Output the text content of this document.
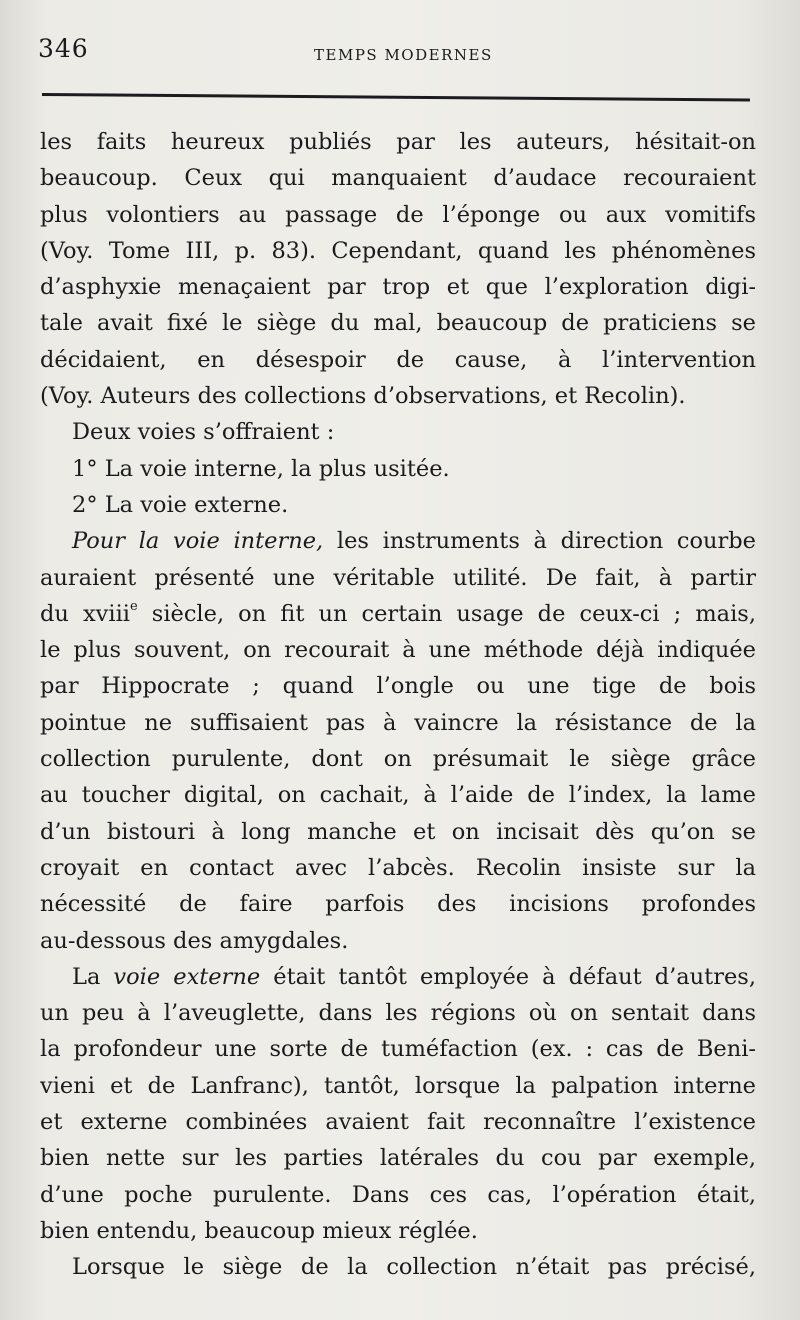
346	TEMPS MODERNES
les faits heureux publiés par les auteurs, hésitait-on
beaucoup. Ceux qui manquaient d’audace recouraient
plus volontiers au passage de l’éponge ou aux vomitifs
(Voy. Tome III, p. 83). Cependant, quand les phénomènes
d’asphyxie menaçaient par trop et que l’exploration digi-
tale avait fixé le siège du mal, beaucoup de praticiens se
décidaient, en désespoir de cause, à l’intervention
(Voy. Auteurs des collections d’observations, et Recolin).
Deux voies s’offraient :
1° La voie interne, la plus usitée.
2° La voie externe.
Pour la voie interne, les instruments à direction courbe
auraient présenté une véritable utilité. De fait, à partir
du xviii$^e$ siècle, on fit un certain usage de ceux-ci ; mais,
le plus souvent, on recourait à une méthode déjà indiquée
par Hippocrate ; quand l’ongle ou une tige de bois
pointue ne suffisaient pas à vaincre la résistance de la
collection purulente, dont on présumait le siège grâce
au toucher digital, on cachait, à l’aide de l’index, la lame
d’un bistouri à long manche et on incisait dès qu’on se
croyait en contact avec l’abcès. Recolin insiste sur la
nécessité de faire parfois des incisions profondes
au-dessous des amygdales.
La voie externe était tantôt employée à défaut d’autres,
un peu à l’aveuglette, dans les régions où on sentait dans
la profondeur une sorte de tuméfaction (ex. : cas de Beni-
vieni et de Lanfranc), tantôt, lorsque la palpation interne
et externe combinées avaient fait reconnaître l’existence
bien nette sur les parties latérales du cou par exemple,
d’une poche purulente. Dans ces cas, l’opération était,
bien entendu, beaucoup mieux réglée.
Lorsque le siège de la collection n’était pas précisé,
